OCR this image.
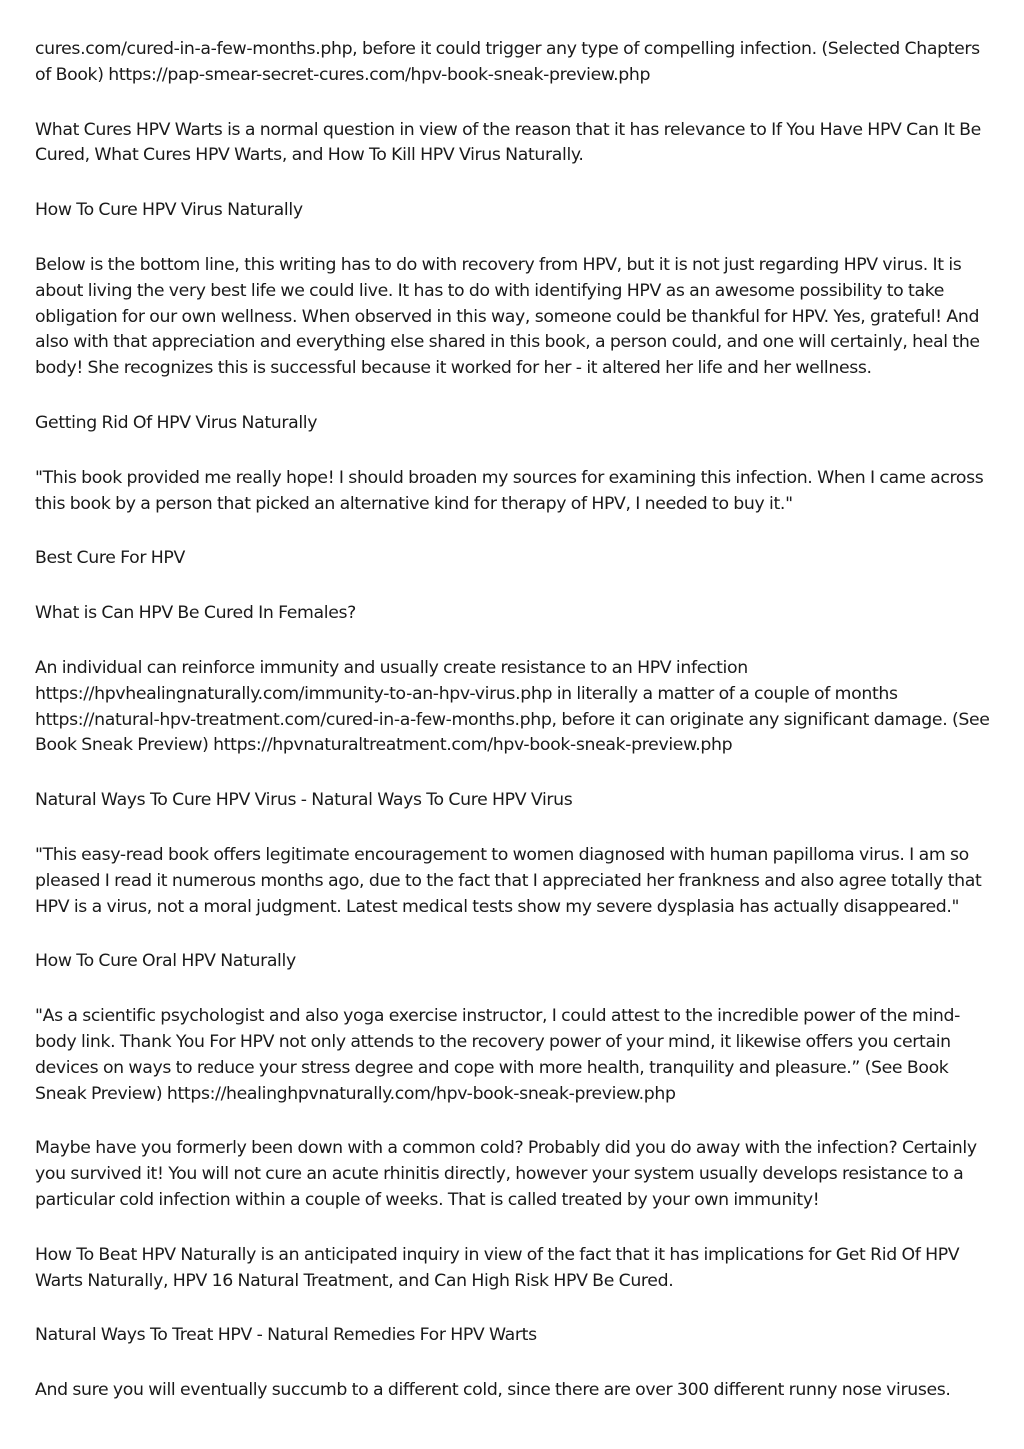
cures.com/cured-in-a-few-months.php, before it could trigger any type of compelling infection. (Selected Chapters of Book) https://pap-smear-secret-cures.com/hpv-book-sneak-preview.php

What Cures HPV Warts is a normal question in view of the reason that it has relevance to If You Have HPV Can It Be Cured, What Cures HPV Warts, and How To Kill HPV Virus Naturally.

How To Cure HPV Virus Naturally

Below is the bottom line, this writing has to do with recovery from HPV, but it is not just regarding HPV virus. It is about living the very best life we could live. It has to do with identifying HPV as an awesome possibility to take obligation for our own wellness. When observed in this way, someone could be thankful for HPV. Yes, grateful! And also with that appreciation and everything else shared in this book, a person could, and one will certainly, heal the body! She recognizes this is successful because it worked for her - it altered her life and her wellness.

Getting Rid Of HPV Virus Naturally

"This book provided me really hope! I should broaden my sources for examining this infection. When I came across this book by a person that picked an alternative kind for therapy of HPV, I needed to buy it."

Best Cure For HPV

What is Can HPV Be Cured In Females?

An individual can reinforce immunity and usually create resistance to an HPV infection https://hpvhealingnaturally.com/immunity-to-an-hpv-virus.php in literally a matter of a couple of months https://natural-hpv-treatment.com/cured-in-a-few-months.php, before it can originate any significant damage. (See Book Sneak Preview) https://hpvnaturaltreatment.com/hpv-book-sneak-preview.php

Natural Ways To Cure HPV Virus - Natural Ways To Cure HPV Virus

"This easy-read book offers legitimate encouragement to women diagnosed with human papilloma virus. I am so pleased I read it numerous months ago, due to the fact that I appreciated her frankness and also agree totally that HPV is a virus, not a moral judgment. Latest medical tests show my severe dysplasia has actually disappeared."

How To Cure Oral HPV Naturally

"As a scientific psychologist and also yoga exercise instructor, I could attest to the incredible power of the mind-body link. Thank You For HPV not only attends to the recovery power of your mind, it likewise offers you certain devices on ways to reduce your stress degree and cope with more health, tranquility and pleasure.” (See Book Sneak Preview) https://healinghpvnaturally.com/hpv-book-sneak-preview.php

Maybe have you formerly been down with a common cold? Probably did you do away with the infection? Certainly you survived it! You will not cure an acute rhinitis directly, however your system usually develops resistance to a particular cold infection within a couple of weeks. That is called treated by your own immunity!

How To Beat HPV Naturally is an anticipated inquiry in view of the fact that it has implications for Get Rid Of HPV Warts Naturally, HPV 16 Natural Treatment, and Can High Risk HPV Be Cured.

Natural Ways To Treat HPV - Natural Remedies For HPV Warts

And sure you will eventually succumb to a different cold, since there are over 300 different runny nose viruses.
